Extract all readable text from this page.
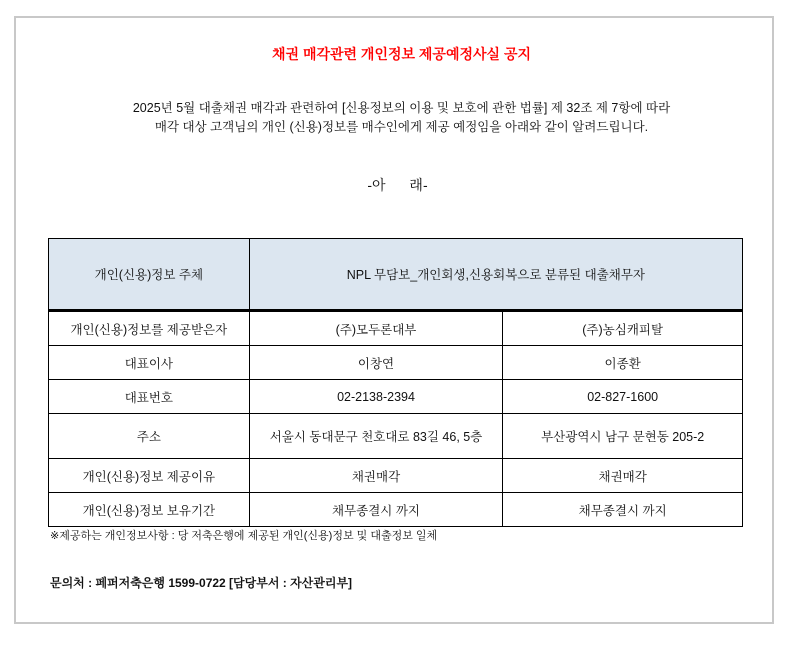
채권 매각관련 개인정보 제공예정사실 공지
2025년 5월 대출채권 매각과 관련하여 [신용정보의 이용 및 보호에 관한 법률] 제 32조 제 7항에 따라
매각 대상 고객님의 개인 (신용)정보를 매수인에게 제공 예정임을 아래와 같이 알려드립니다.
-아 래-
개인(신용)정보 주체	NPL 무담보_개인회생,신용회복으로 분류된 대출채무자	
개인(신용)정보를 제공받은자	(주)모두론대부	(주)농심캐피탈
대표이사	이창연	이종환
대표번호	02-2138-2394	02-827-1600
주소	서울시 동대문구 천호대로 83길 46, 5층	부산광역시 남구 문현동 205-2
개인(신용)정보 제공이유	채권매각	채권매각
개인(신용)정보 보유기간	채무종결시 까지	채무종결시 까지
※제공하는 개인정보사항 : 당 저축은행에 제공된 개인(신용)정보 및 대출정보 일체
문의처 : 페퍼저축은행 1599-0722 [담당부서 : 자산관리부]
